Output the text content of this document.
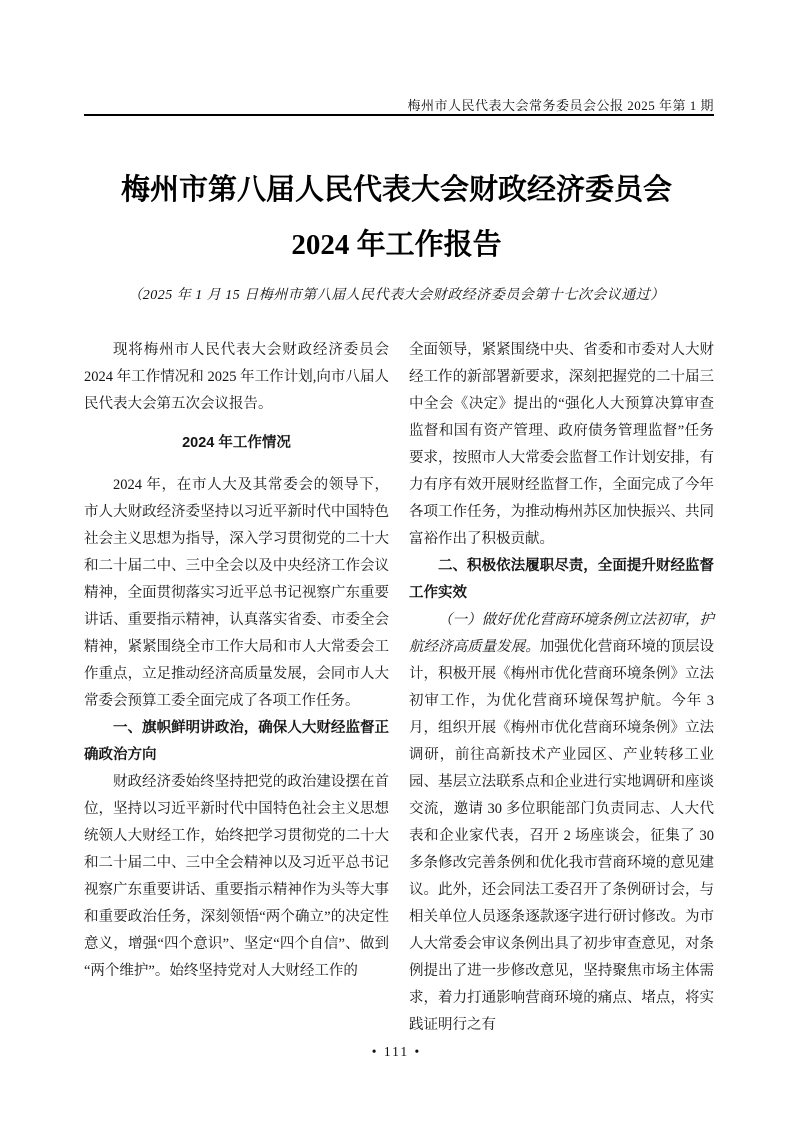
梅州市人民代表大会常务委员会公报 2025 年第 1 期
梅州市第八届人民代表大会财政经济委员会
2024 年工作报告
（2025 年 1 月 15 日梅州市第八届人民代表大会财政经济委员会第十七次会议通过）

现将梅州市人民代表大会财政经济委员会 2024 年工作情况和 2025 年工作计划,向市八届人民代表大会第五次会议报告。

2024 年工作情况

2024 年，在市人大及其常委会的领导下，市人大财政经济委坚持以习近平新时代中国特色社会主义思想为指导，深入学习贯彻党的二十大和二十届二中、三中全会以及中央经济工作会议精神，全面贯彻落实习近平总书记视察广东重要讲话、重要指示精神，认真落实省委、市委全会精神，紧紧围绕全市工作大局和市人大常委会工作重点，立足推动经济高质量发展，会同市人大常委会预算工委全面完成了各项工作任务。

一、旗帜鲜明讲政治，确保人大财经监督正确政治方向

财政经济委始终坚持把党的政治建设摆在首位，坚持以习近平新时代中国特色社会主义思想统领人大财经工作，始终把学习贯彻党的二十大和二十届二中、三中全会精神以及习近平总书记视察广东重要讲话、重要指示精神作为头等大事和重要政治任务，深刻领悟“两个确立”的决定性意义，增强“四个意识”、坚定“四个自信”、做到“两个维护”。始终坚持党对人大财经工作的

全面领导，紧紧围绕中央、省委和市委对人大财经工作的新部署新要求，深刻把握党的二十届三中全会《决定》提出的“强化人大预算决算审查监督和国有资产管理、政府债务管理监督”任务要求，按照市人大常委会监督工作计划安排，有力有序有效开展财经监督工作，全面完成了今年各项工作任务，为推动梅州苏区加快振兴、共同富裕作出了积极贡献。

二、积极依法履职尽责，全面提升财经监督工作实效

（一）做好优化营商环境条例立法初审，护航经济高质量发展。加强优化营商环境的顶层设计，积极开展《梅州市优化营商环境条例》立法初审工作，为优化营商环境保驾护航。今年 3 月，组织开展《梅州市优化营商环境条例》立法调研，前往高新技术产业园区、产业转移工业园、基层立法联系点和企业进行实地调研和座谈交流，邀请 30 多位职能部门负责同志、人大代表和企业家代表，召开 2 场座谈会，征集了 30 多条修改完善条例和优化我市营商环境的意见建议。此外，还会同法工委召开了条例研讨会，与相关单位人员逐条逐款逐字进行研讨修改。为市人大常委会审议条例出具了初步审查意见，对条例提出了进一步修改意见，坚持聚焦市场主体需求，着力打通影响营商环境的痛点、堵点，将实践证明行之有

• 111 •
